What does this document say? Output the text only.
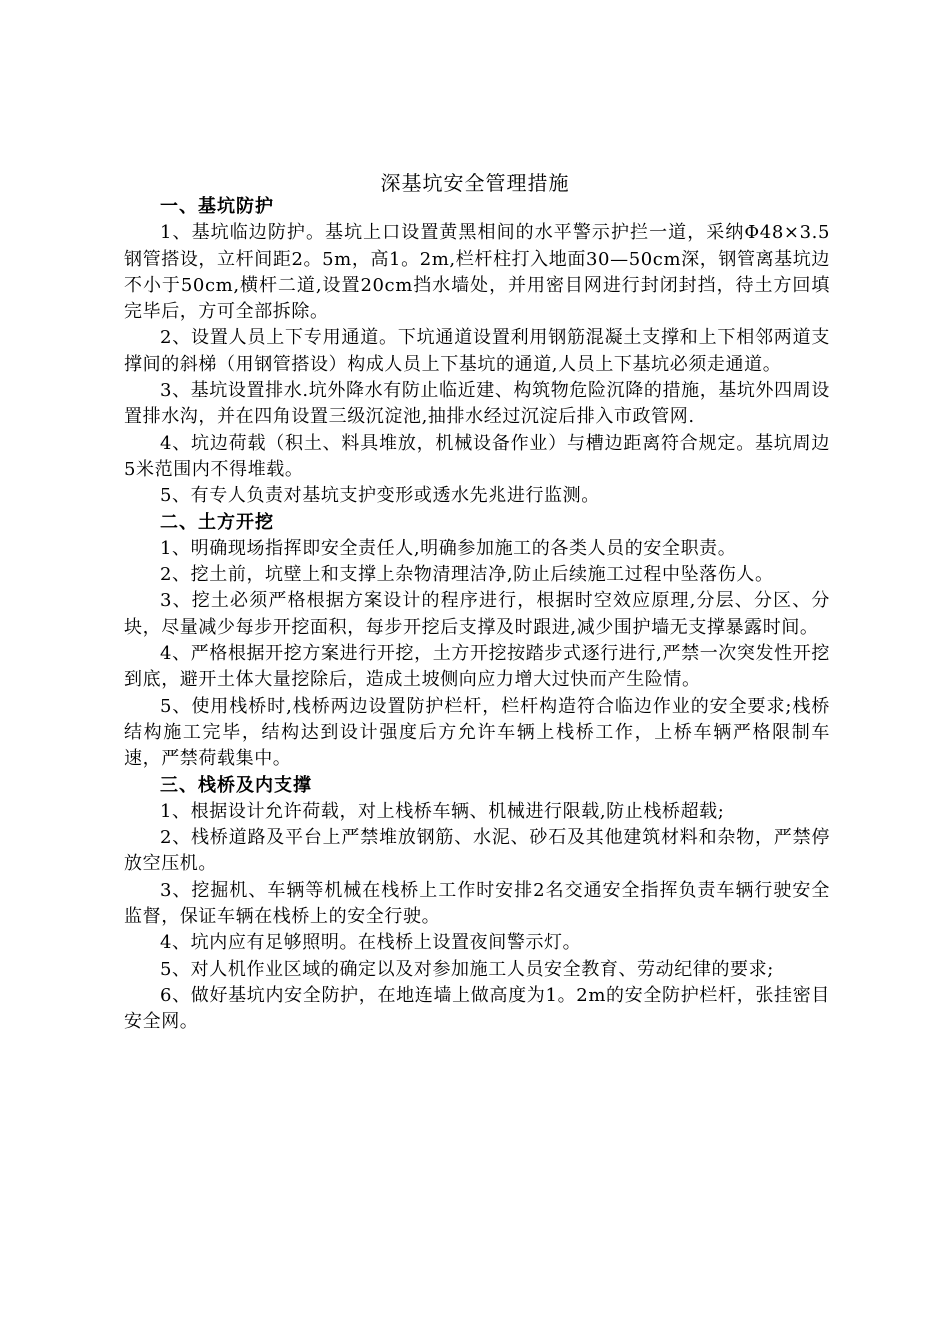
深基坑安全管理措施
一、基坑防护
1、基坑临边防护。基坑上口设置黄黑相间的水平警示护拦一道，采纳Φ48×3.5钢管搭设，立杆间距2。5m，高1。2m,栏杆柱打入地面30—50cm深，钢管离基坑边不小于50cm,横杆二道,设置20cm挡水墙处，并用密目网进行封闭封挡，待土方回填完毕后，方可全部拆除。
2、设置人员上下专用通道。下坑通道设置利用钢筋混凝土支撑和上下相邻两道支撑间的斜梯（用钢管搭设）构成人员上下基坑的通道,人员上下基坑必须走通道。
3、基坑设置排水.坑外降水有防止临近建、构筑物危险沉降的措施，基坑外四周设置排水沟，并在四角设置三级沉淀池,抽排水经过沉淀后排入市政管网.
4、坑边荷载（积土、料具堆放，机械设备作业）与槽边距离符合规定。基坑周边5米范围内不得堆载。
5、有专人负责对基坑支护变形或透水先兆进行监测。
二、土方开挖
1、明确现场指挥即安全责任人,明确参加施工的各类人员的安全职责。
2、挖土前，坑壁上和支撑上杂物清理洁净,防止后续施工过程中坠落伤人。
3、挖土必须严格根据方案设计的程序进行，根据时空效应原理,分层、分区、分块，尽量减少每步开挖面积，每步开挖后支撑及时跟进,减少围护墙无支撑暴露时间。
4、严格根据开挖方案进行开挖，土方开挖按踏步式逐行进行,严禁一次突发性开挖到底，避开土体大量挖除后，造成土坡侧向应力增大过快而产生险情。
5、使用栈桥时,栈桥两边设置防护栏杆，栏杆构造符合临边作业的安全要求;栈桥结构施工完毕，结构达到设计强度后方允许车辆上栈桥工作，上桥车辆严格限制车速，严禁荷载集中。
三、栈桥及内支撑
1、根据设计允许荷载，对上栈桥车辆、机械进行限载,防止栈桥超载;
2、栈桥道路及平台上严禁堆放钢筋、水泥、砂石及其他建筑材料和杂物，严禁停放空压机。
3、挖掘机、车辆等机械在栈桥上工作时安排2名交通安全指挥负责车辆行驶安全监督，保证车辆在栈桥上的安全行驶。
4、坑内应有足够照明。在栈桥上设置夜间警示灯。
5、对人机作业区域的确定以及对参加施工人员安全教育、劳动纪律的要求;
6、做好基坑内安全防护，在地连墙上做高度为1。2m的安全防护栏杆，张挂密目安全网。
